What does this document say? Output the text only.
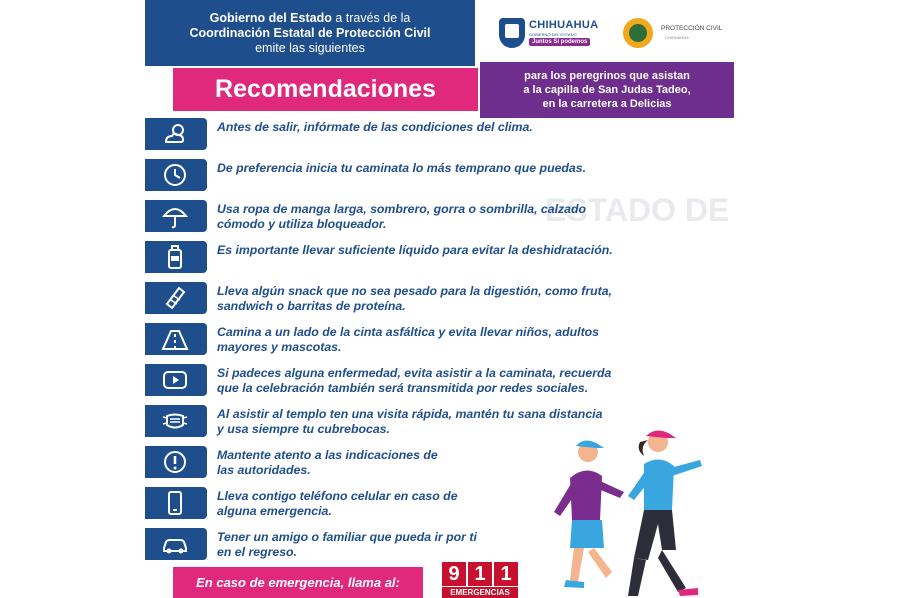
Gobierno del Estado a través de la
Coordinación Estatal de Protección Civil
emite las siguientes
CHIHUAHUA
GOBIERNO DEL ESTADO
Juntos Sí podemos
PROTECCIÓN CIVIL
CHIHUAHUA
Recomendaciones	para los peregrinos que asistan
a la capilla de San Judas Tadeo,
en la carretera a Delicias
ESTADO DE
Antes de salir, infórmate de las condiciones del clima.
De preferencia inicia tu caminata lo más temprano que puedas.
Usa ropa de manga larga, sombrero, gorra o sombrilla, calzado
cómodo y utiliza bloqueador.
Es importante llevar suficiente líquido para evitar la deshidratación.
Lleva algún snack que no sea pesado para la digestión, como fruta,
sandwich o barritas de proteína.
Camina a un lado de la cinta asfáltica y evita llevar niños, adultos
mayores y mascotas.
Si padeces alguna enfermedad, evita asistir a la caminata, recuerda
que la celebración también será transmitida por redes sociales.
Al asistir al templo ten una visita rápida, mantén tu sana distancia
y usa siempre tu cubrebocas.
Mantente atento a las indicaciones de
las autoridades.
Lleva contigo teléfono celular en caso de
alguna emergencia.
Tener un amigo o familiar que pueda ir por ti
en el regreso.
En caso de emergencia, llama al:	9 1 1
EMERGENCIAS
